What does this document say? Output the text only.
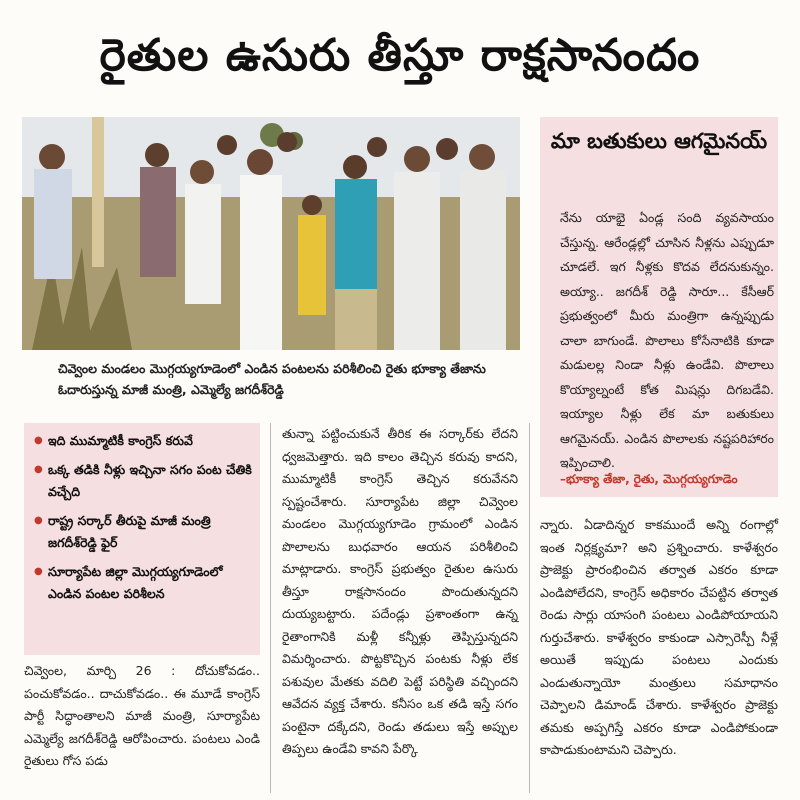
రైతుల ఉసురు తీస్తూ రాక్షసానందం
చివ్వెంల మండలం మొగ్గయ్యగూడెంలో ఎండిన పంటలను పరిశీలించి రైతు భూక్యా తేజాను ఓదారుస్తున్న మాజీ మంత్రి, ఎమ్మెల్యే జగదీశ్‌రెడ్డి
మా బతుకులు ఆగమైనయ్
నేను యాభై ఏండ్ల సంది వ్యవసాయం చేస్తున్న. ఆరేండ్లల్లో చూసిన నీళ్లను ఎప్పుడూ చూడలే. ఇగ నీళ్లకు కొదవ లేదనుకున్నం. అయ్యా.. జగదీశ్ రెడ్డి సారూ... కేసీఆర్ ప్రభుత్వంలో మీరు మంత్రిగా ఉన్నప్పుడు చాలా బాగుండే. పొలాలు కోసేనాటికి కూడా మడులల్ల నిండా నీళ్లు ఉండేవి. పొలాలు కొయ్యాల్నంటే కోత మిషన్లు దిగబడేవి. ఇయ్యాల నీళ్లు లేక మా బతుకులు ఆగమైనయ్. ఎండిన పొలాలకు నష్టపరిహారం ఇప్పించాలి.
–భూక్యా తేజా, రైతు, మొగ్గయ్యగూడెం
● ఇది ముమ్మాటికీ కాంగ్రెస్ కరువే
● ఒక్క తడికి నీళ్లు ఇచ్చినా సగం పంట చేతికి వచ్చేది
● రాష్ట్ర సర్కార్ తీరుపై మాజీ మంత్రి జగదీశ్‌రెడ్డి ఫైర్
● సూర్యాపేట జిల్లా మొగ్గయ్యగూడెంలో ఎండిన పంటల పరిశీలన
చివ్వెంల, మార్చి 26 : దోచుకోవడం.. పంచుకోవడం.. దాచుకోవడం.. ఈ మూడే కాంగ్రెస్ పార్టీ సిద్ధాంతాలని మాజీ మంత్రి, సూర్యాపేట ఎమ్మెల్యే జగదీశ్‌రెడ్డి ఆరోపించారు. పంటలు ఎండి రైతులు గోస పడు
తున్నా పట్టించుకునే తీరిక ఈ సర్కార్‌కు లేదని ధ్వజమెత్తారు. ఇది కాలం తెచ్చిన కరువు కాదని, ముమ్మాటికీ కాంగ్రెస్ తెచ్చిన కరువేనని స్పష్టంచేశారు. సూర్యాపేట జిల్లా చివ్వెంల మండలం మొగ్గయ్యగూడెం గ్రామంలో ఎండిన పొలాలను బుధవారం ఆయన పరిశీలించి మాట్లాడారు. కాంగ్రెస్ ప్రభుత్వం రైతుల ఉసురు తీస్తూ రాక్షసానందం పొందుతున్నదని దుయ్యబట్టారు. పదేండ్లు ప్రశాంతంగా ఉన్న రైతాంగానికి మళ్లీ కన్నీళ్లు తెప్పిస్తున్నదని విమర్శించారు. పొట్టకొచ్చిన పంటకు నీళ్లు లేక పశువుల మేతకు వదిలి పెట్టే పరిస్థితి వచ్చిందని ఆవేదన వ్యక్త చేశారు. కనీసం ఒక తడి ఇస్తే సగం పంటైనా దక్కేదని, రెండు తడులు ఇస్తే అప్పుల తిప్పలు ఉండేవి కావని పేర్కొ
న్నారు. ఏడాదిన్నర కాకముందే అన్ని రంగాల్లో ఇంత నిర్లక్ష్యమా? అని ప్రశ్నించారు. కాళేశ్వరం ప్రాజెక్టు ప్రారంభించిన తర్వాత ఎకరం కూడా ఎండిపోలేదని, కాంగ్రెస్ అధికారం చేపట్టిన తర్వాత రెండు సార్లు యాసంగి పంటలు ఎండిపోయాయని గుర్తుచేశారు. కాళేశ్వరం కాకుండా ఎస్సారెస్పీ నీళ్లే అయితే ఇప్పుడు పంటలు ఎందుకు ఎండుతున్నాయో మంత్రులు సమాధానం చెప్పాలని డిమాండ్ చేశారు. కాళేశ్వరం ప్రాజెక్టు తమకు అప్పగిస్తే ఎకరం కూడా ఎండిపోకుండా కాపాడుకుంటామని చెప్పారు.
